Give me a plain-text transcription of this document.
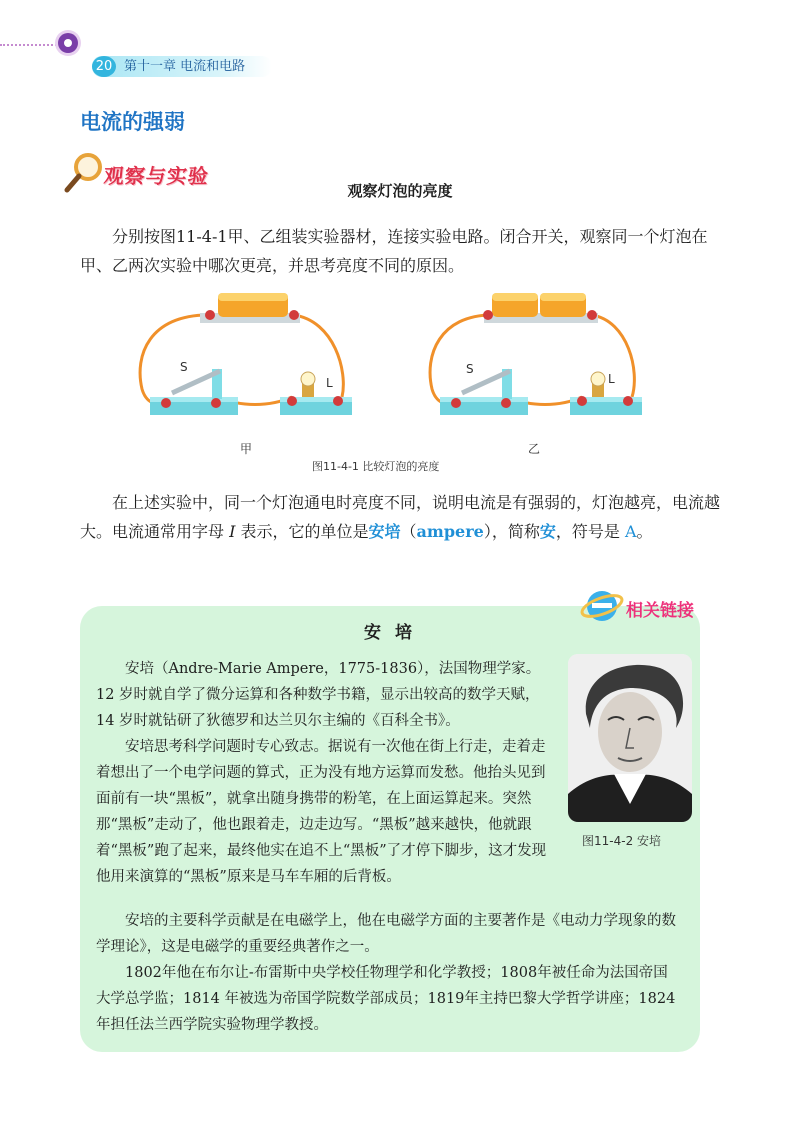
20 第十一章 电流和电路
电流的强弱
观察与实验
观察灯泡的亮度

分别按图11-4-1甲、乙组装实验器材，连接实验电路。闭合开关，观察同一个灯泡在甲、乙两次实验中哪次更亮，并思考亮度不同的原因。

S
L
S
L
甲	乙
图11-4-1 比较灯泡的亮度

在上述实验中，同一个灯泡通电时亮度不同，说明电流是有强弱的，灯泡越亮，电流越大。电流通常用字母 I 表示，它的单位是安培（ampere），简称安，符号是 A。

相关链接
安 培
图11-4-2 安培

安培（Andre-Marie Ampere，1775-1836），法国物理学家。12 岁时就自学了微分运算和各种数学书籍，显示出较高的数学天赋，14 岁时就钻研了狄德罗和达兰贝尔主编的《百科全书》。

安培思考科学问题时专心致志。据说有一次他在街上行走，走着走着想出了一个电学问题的算式，正为没有地方运算而发愁。他抬头见到面前有一块“黑板”，就拿出随身携带的粉笔，在上面运算起来。突然那“黑板”走动了，他也跟着走，边走边写。“黑板”越来越快，他就跟着“黑板”跑了起来，最终他实在追不上“黑板”了才停下脚步，这才发现他用来演算的“黑板”原来是马车车厢的后背板。

安培的主要科学贡献是在电磁学上，他在电磁学方面的主要著作是《电动力学现象的数学理论》，这是电磁学的重要经典著作之一。

1802年他在布尔让-布雷斯中央学校任物理学和化学教授；1808年被任命为法国帝国大学总学监；1814 年被选为帝国学院数学部成员；1819年主持巴黎大学哲学讲座；1824年担任法兰西学院实验物理学教授。
